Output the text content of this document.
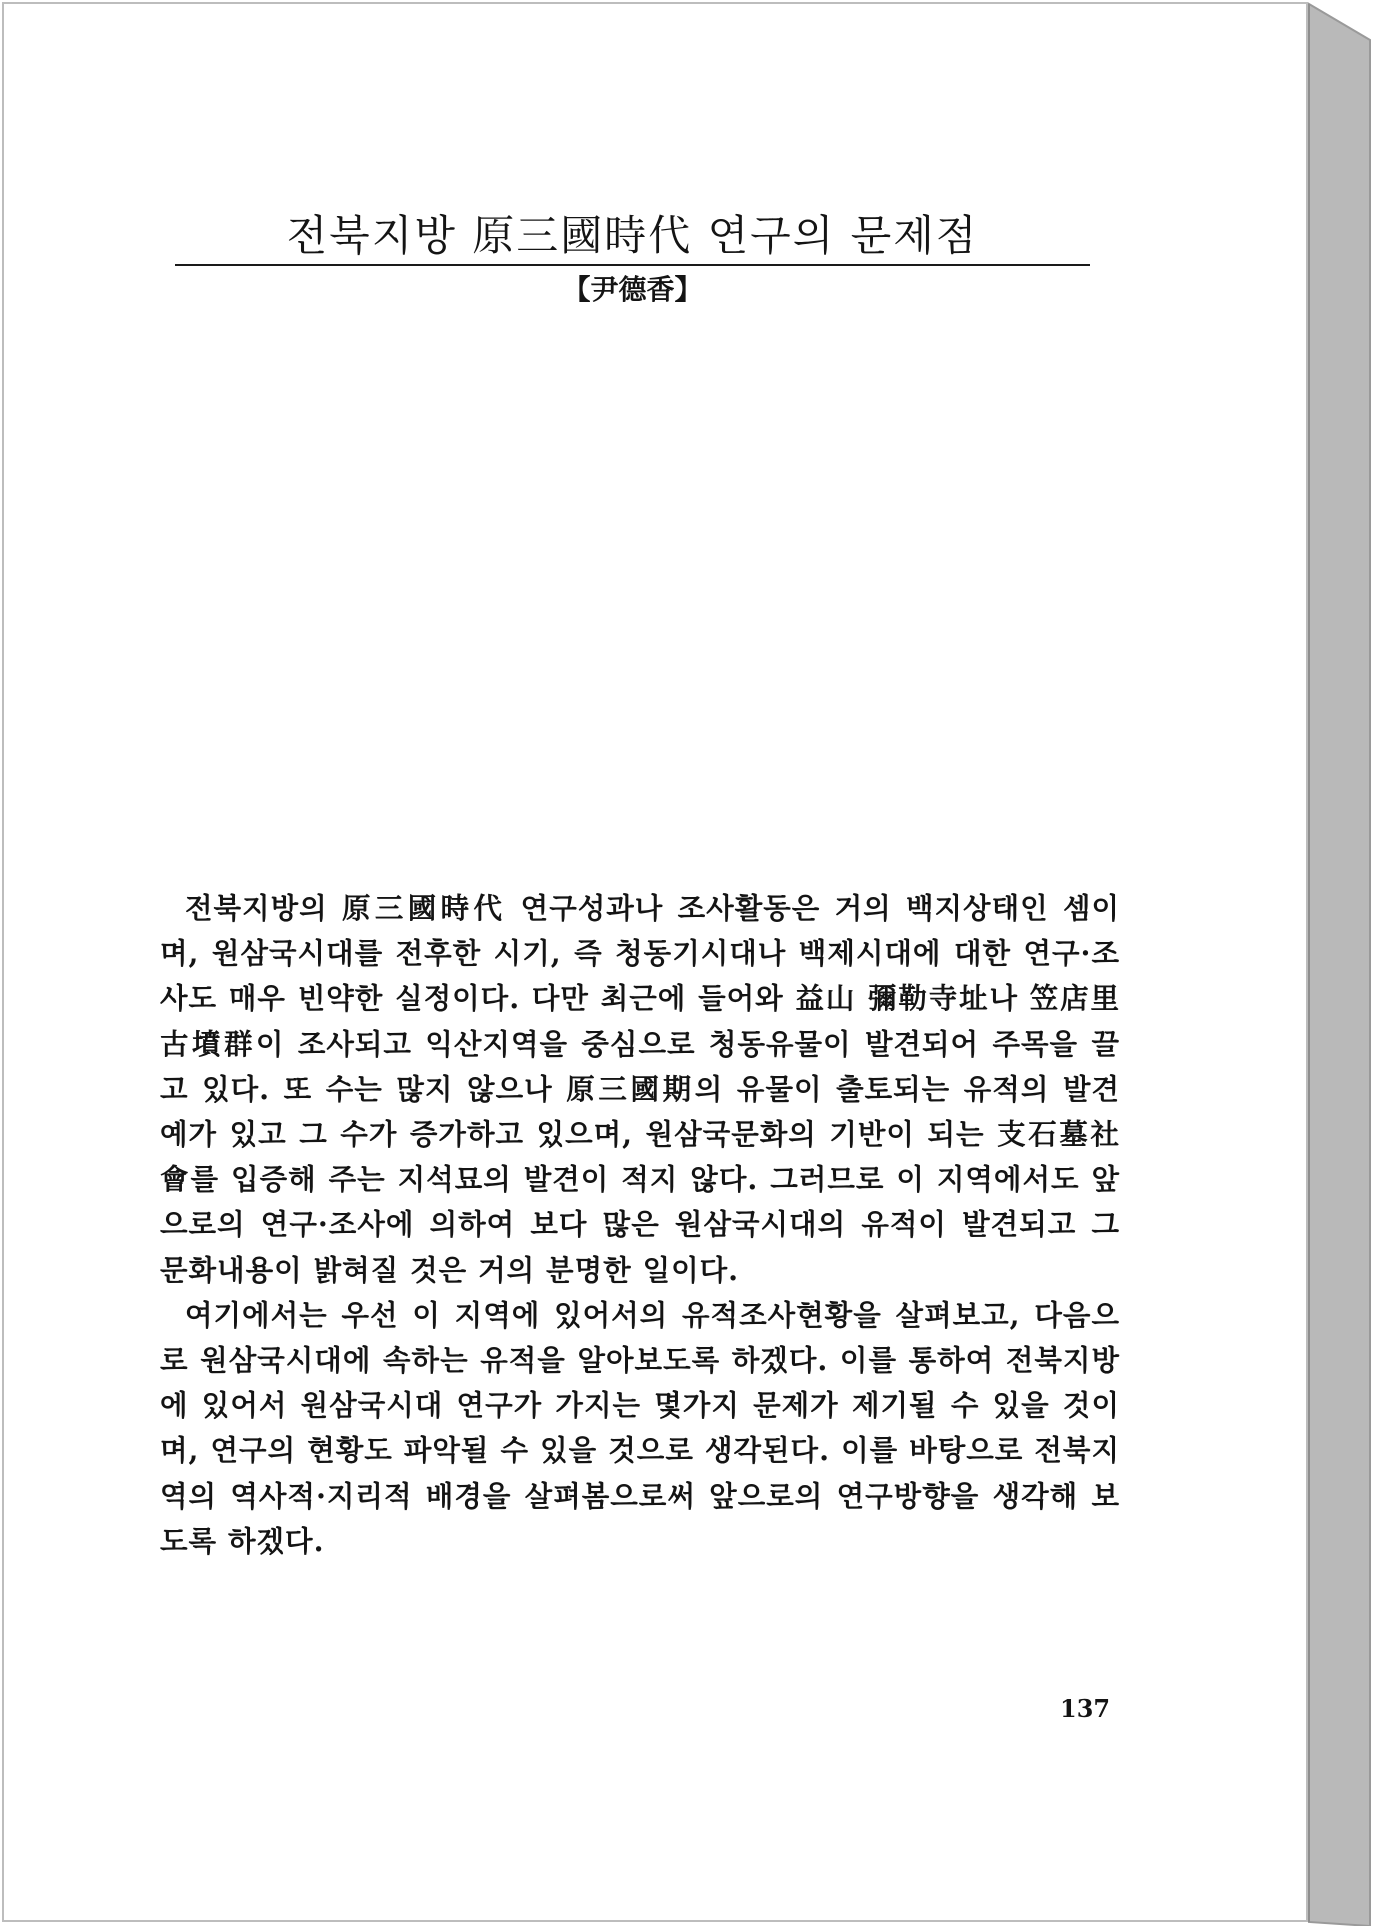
전북지방 原三國時代 연구의 문제점
【尹德香】

전북지방의 原三國時代 연구성과나 조사활동은 거의 백지상태인 셈이며, 원삼국시대를 전후한 시기, 즉 청동기시대나 백제시대에 대한 연구·조사도 매우 빈약한 실정이다. 다만 최근에 들어와 益山 彌勒寺址나 笠店里 古墳群이 조사되고 익산지역을 중심으로 청동유물이 발견되어 주목을 끌고 있다. 또 수는 많지 않으나 原三國期의 유물이 출토되는 유적의 발견 예가 있고 그 수가 증가하고 있으며, 원삼국문화의 기반이 되는 支石墓社會를 입증해 주는 지석묘의 발견이 적지 않다. 그러므로 이 지역에서도 앞으로의 연구·조사에 의하여 보다 많은 원삼국시대의 유적이 발견되고 그 문화내용이 밝혀질 것은 거의 분명한 일이다.

여기에서는 우선 이 지역에 있어서의 유적조사현황을 살펴보고, 다음으로 원삼국시대에 속하는 유적을 알아보도록 하겠다. 이를 통하여 전북지방에 있어서 원삼국시대 연구가 가지는 몇가지 문제가 제기될 수 있을 것이며, 연구의 현황도 파악될 수 있을 것으로 생각된다. 이를 바탕으로 전북지역의 역사적·지리적 배경을 살펴봄으로써 앞으로의 연구방향을 생각해 보도록 하겠다.

137
